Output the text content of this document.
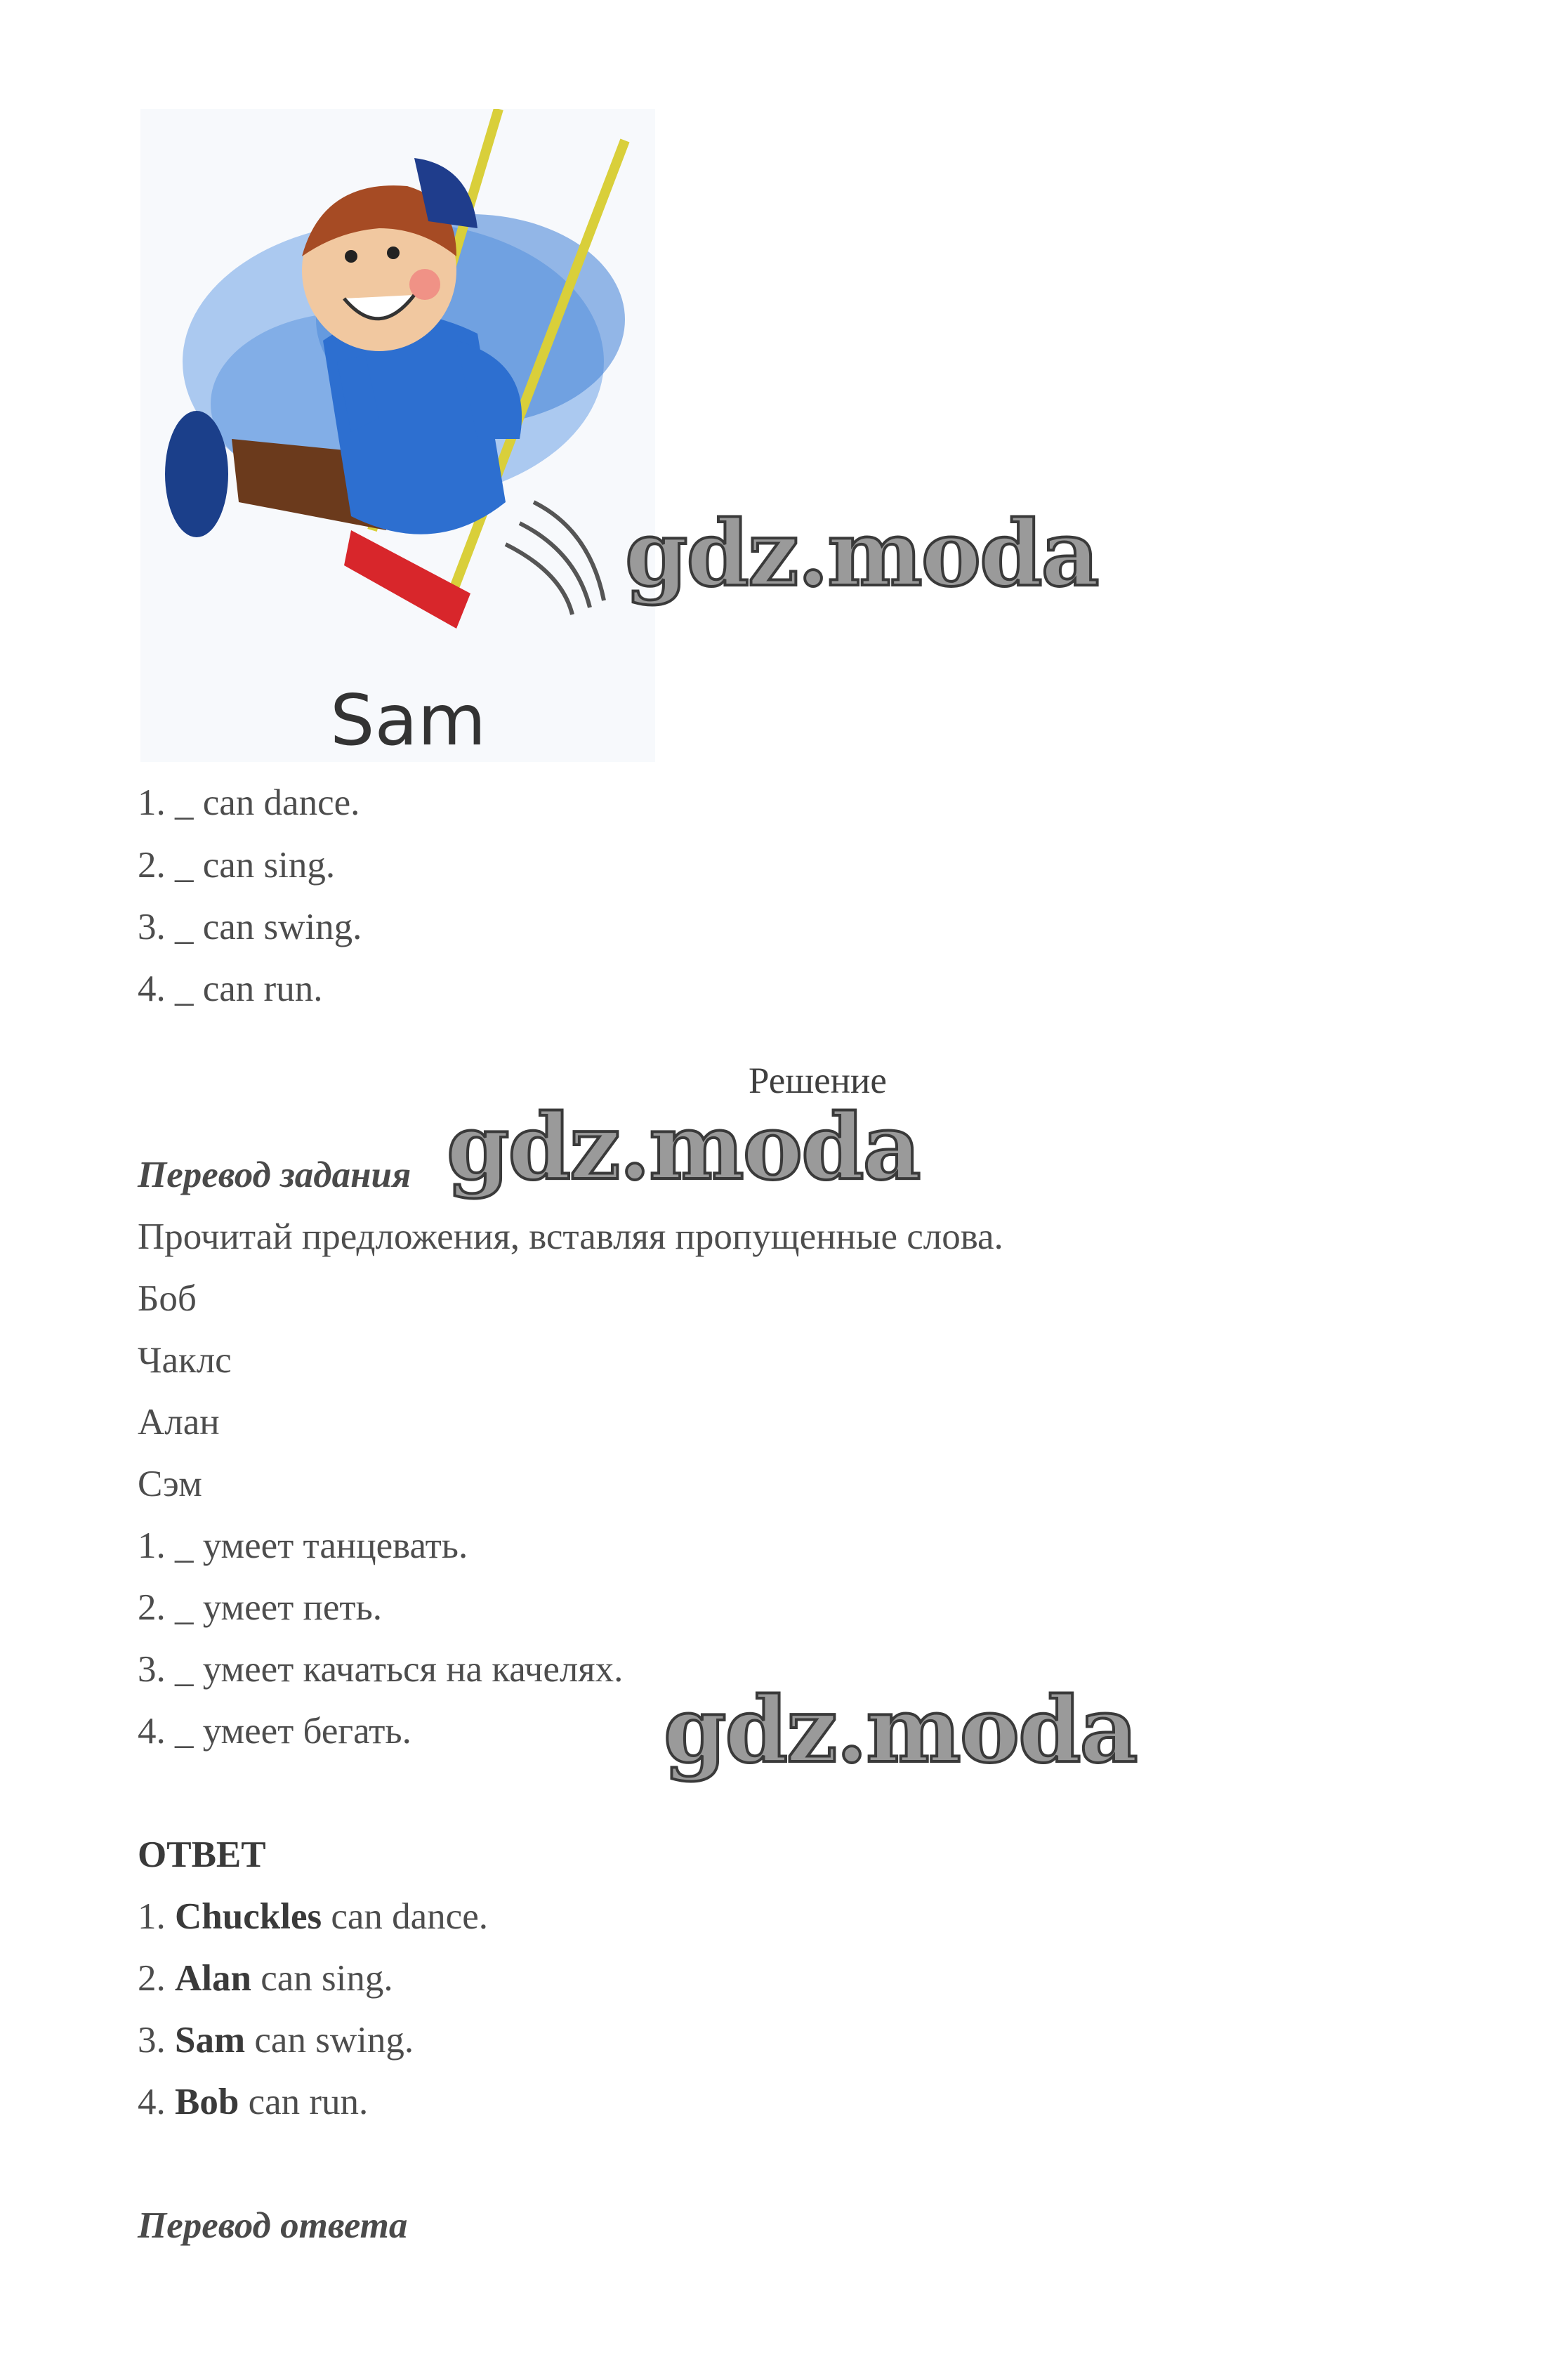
Sam
gdz.moda
gdz.moda
gdz.moda
1. _ can dance.
2. _ can sing.
3. _ can swing.
4. _ can run.
Решение
Перевод задания
Прочитай предложения, вставляя пропущенные слова.
Боб
Чаклс
Алан
Сэм
1. _ умеет танцевать.
2. _ умеет петь.
3. _ умеет качаться на качелях.
4. _ умеет бегать.
ОТВЕТ
1. Chuckles can dance.
2. Alan can sing.
3. Sam can swing.
4. Bob can run.
Перевод ответа
